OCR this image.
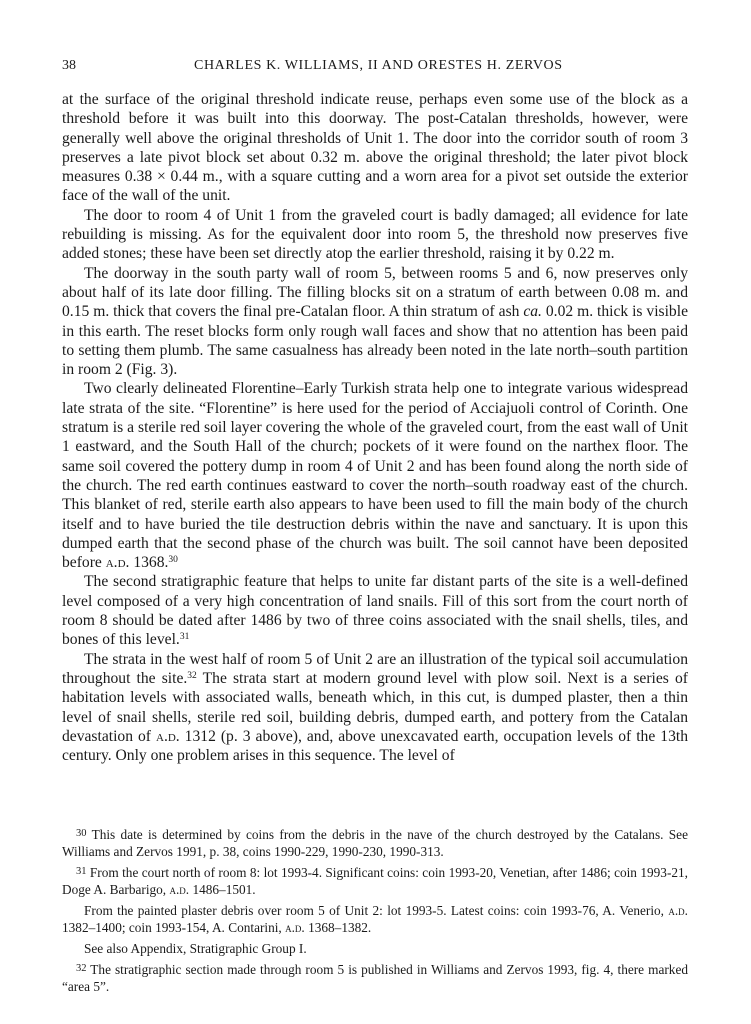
38	CHARLES K. WILLIAMS, II AND ORESTES H. ZERVOS

at the surface of the original threshold indicate reuse, perhaps even some use of the block as a threshold before it was built into this doorway. The post-Catalan thresholds, however, were generally well above the original thresholds of Unit 1. The door into the corridor south of room 3 preserves a late pivot block set about 0.32 m. above the original threshold; the later pivot block measures 0.38 × 0.44 m., with a square cutting and a worn area for a pivot set outside the exterior face of the wall of the unit.

The door to room 4 of Unit 1 from the graveled court is badly damaged; all evidence for late rebuilding is missing. As for the equivalent door into room 5, the threshold now preserves five added stones; these have been set directly atop the earlier threshold, raising it by 0.22 m.

The doorway in the south party wall of room 5, between rooms 5 and 6, now preserves only about half of its late door filling. The filling blocks sit on a stratum of earth between 0.08 m. and 0.15 m. thick that covers the final pre-Catalan floor. A thin stratum of ash ca. 0.02 m. thick is visible in this earth. The reset blocks form only rough wall faces and show that no attention has been paid to setting them plumb. The same casualness has already been noted in the late north–south partition in room 2 (Fig. 3).

Two clearly delineated Florentine–Early Turkish strata help one to integrate various widespread late strata of the site. “Florentine” is here used for the period of Acciajuoli control of Corinth. One stratum is a sterile red soil layer covering the whole of the graveled court, from the east wall of Unit 1 eastward, and the South Hall of the church; pockets of it were found on the narthex floor. The same soil covered the pottery dump in room 4 of Unit 2 and has been found along the north side of the church. The red earth continues eastward to cover the north–south roadway east of the church. This blanket of red, sterile earth also appears to have been used to fill the main body of the church itself and to have buried the tile destruction debris within the nave and sanctuary. It is upon this dumped earth that the second phase of the church was built. The soil cannot have been deposited before a.d. 1368.30

The second stratigraphic feature that helps to unite far distant parts of the site is a well-defined level composed of a very high concentration of land snails. Fill of this sort from the court north of room 8 should be dated after 1486 by two of three coins associated with the snail shells, tiles, and bones of this level.$^{31}$

The strata in the west half of room 5 of Unit 2 are an illustration of the typical soil accumulation throughout the site.$^{32}$ The strata start at modern ground level with plow soil. Next is a series of habitation levels with associated walls, beneath which, in this cut, is dumped plaster, then a thin level of snail shells, sterile red soil, building debris, dumped earth, and pottery from the Catalan devastation of a.d. 1312 (p. 3 above), and, above unexcavated earth, occupation levels of the 13th century. Only one problem arises in this sequence. The level of

$^{30}$ This date is determined by coins from the debris in the nave of the church destroyed by the Catalans. See Williams and Zervos 1991, p. 38, coins 1990-229, 1990-230, 1990-313.

$^{31}$ From the court north of room 8: lot 1993-4. Significant coins: coin 1993-20, Venetian, after 1486; coin 1993-21, Doge A. Barbarigo, a.d. 1486–1501.

From the painted plaster debris over room 5 of Unit 2: lot 1993-5. Latest coins: coin 1993-76, A. Venerio, a.d. 1382–1400; coin 1993-154, A. Contarini, a.d. 1368–1382.

See also Appendix, Stratigraphic Group I.

$^{32}$ The stratigraphic section made through room 5 is published in Williams and Zervos 1993, fig. 4, there marked “area 5”.
